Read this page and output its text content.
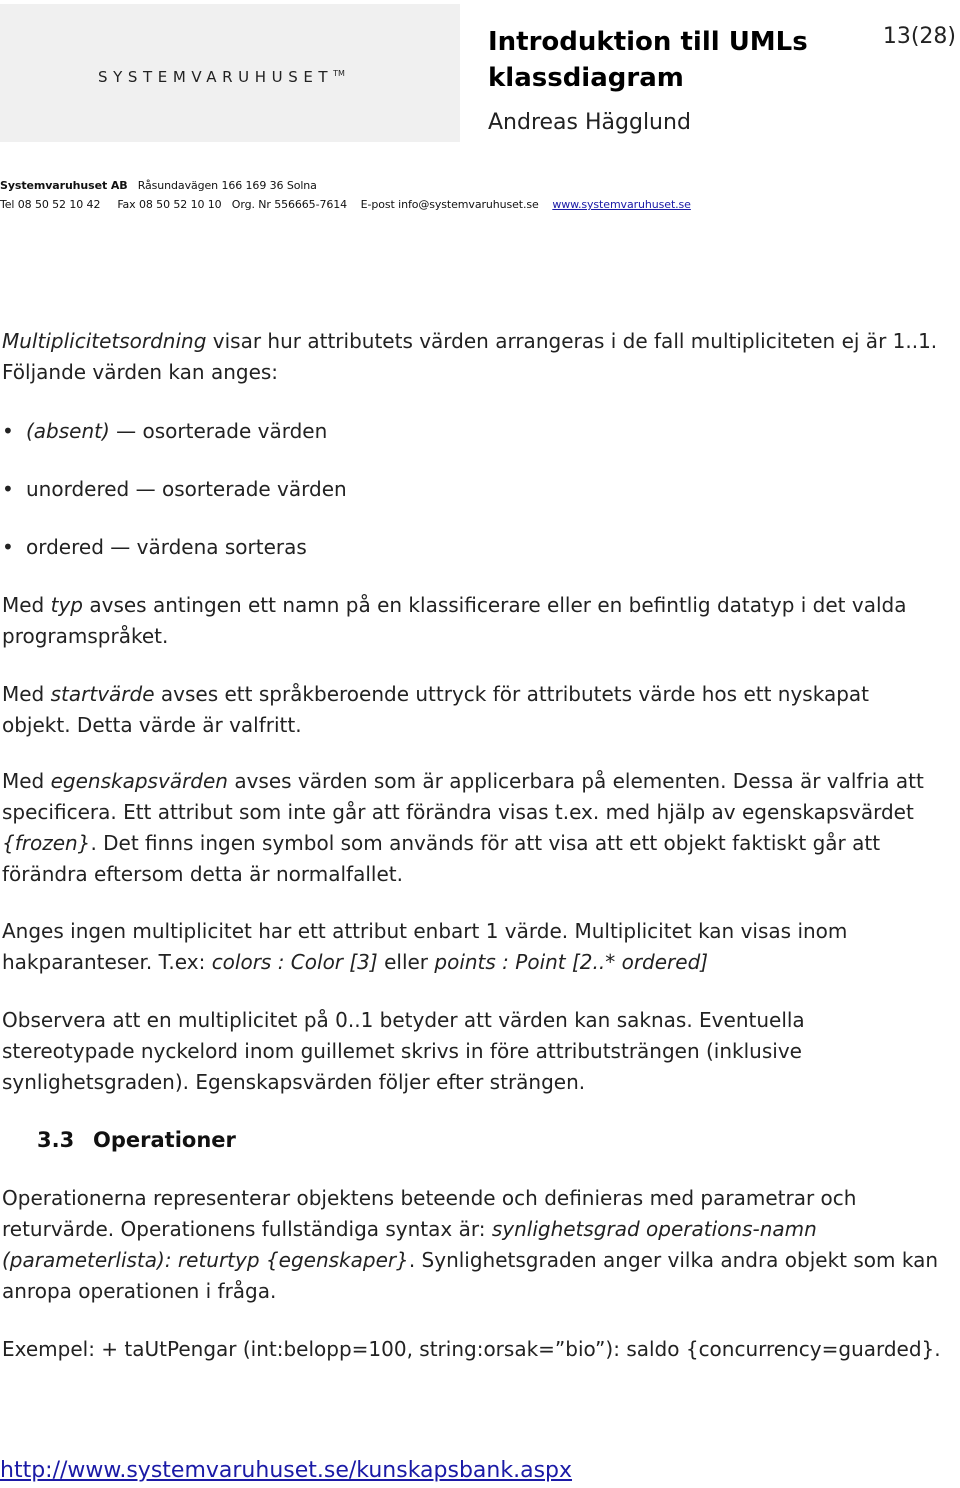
SYSTEMVARUHUSET™
Introduktion till UMLs klassdiagram
Andreas Hägglund
13(28)
Systemvaruhuset AB Råsundavägen 166 169 36 Solna
Tel 08 50 52 10 42 Fax 08 50 52 10 10 Org. Nr 556665-7614 E-post info@systemvaruhuset.se www.systemvaruhuset.se

Multiplicitetsordning visar hur attributets värden arrangeras i de fall multipliciteten ej är 1..1. Följande värden kan anges:

• (absent) — osorterade värden

• unordered — osorterade värden

• ordered — värdena sorteras

Med typ avses antingen ett namn på en klassificerare eller en befintlig datatyp i det valda programspråket.

Med startvärde avses ett språkberoende uttryck för attributets värde hos ett nyskapat objekt. Detta värde är valfritt.

Med egenskapsvärden avses värden som är applicerbara på elementen. Dessa är valfria att specificera. Ett attribut som inte går att förändra visas t.ex. med hjälp av egenskapsvärdet {frozen}. Det finns ingen symbol som används för att visa att ett objekt faktiskt går att förändra eftersom detta är normalfallet.

Anges ingen multiplicitet har ett attribut enbart 1 värde. Multiplicitet kan visas inom hakparanteser. T.ex: colors : Color [3] eller points : Point [2..* ordered]

Observera att en multiplicitet på 0..1 betyder att värden kan saknas. Eventuella stereotypade nyckelord inom guillemet skrivs in före attributsträngen (inklusive synlighetsgraden). Egenskapsvärden följer efter strängen.

3.3 Operationer

Operationerna representerar objektens beteende och definieras med parametrar och returvärde. Operationens fullständiga syntax är: synlighetsgrad operations-namn (parameterlista): returtyp {egenskaper}. Synlighetsgraden anger vilka andra objekt som kan anropa operationen i fråga.

Exempel: + taUtPengar (int:belopp=100, string:orsak=”bio”): saldo {concurrency=guarded}.

http://www.systemvaruhuset.se/kunskapsbank.aspx
